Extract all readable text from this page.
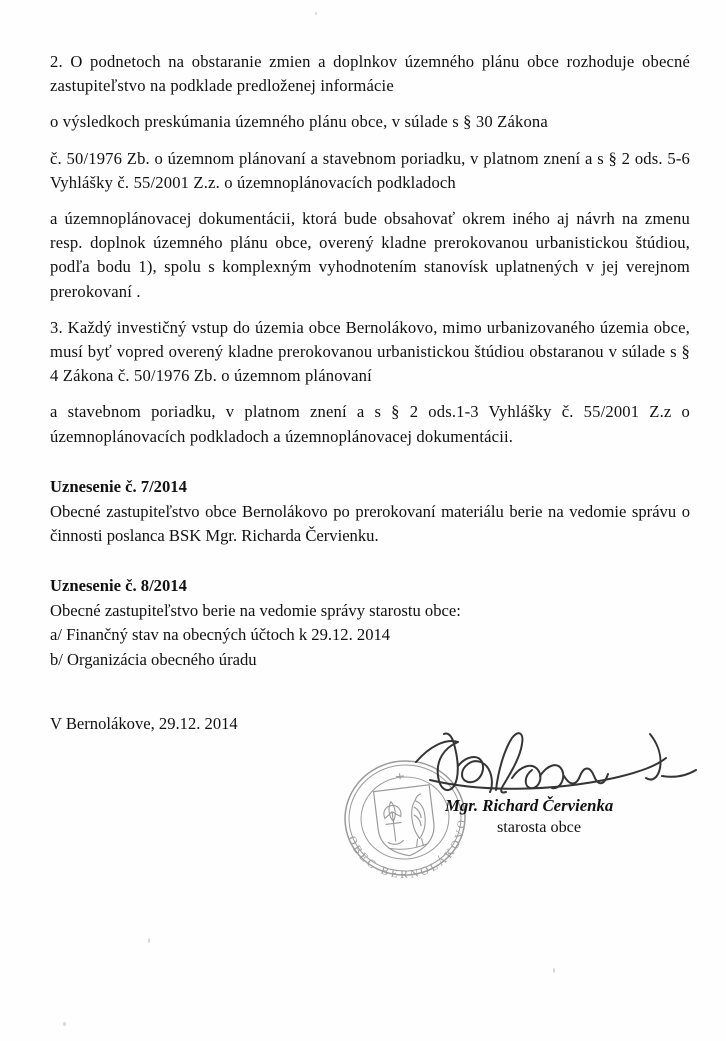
2. O podnetoch na obstaranie zmien a doplnkov územného plánu obce rozhoduje obecné zastupiteľstvo na podklade predloženej informácie

o výsledkoch preskúmania územného plánu obce, v súlade s § 30 Zákona

č. 50/1976 Zb. o územnom plánovaní a stavebnom poriadku, v platnom znení a s § 2 ods. 5-6 Vyhlášky č. 55/2001 Z.z. o územnoplánovacích podkladoch

a územnoplánovacej dokumentácii, ktorá bude obsahovať okrem iného aj návrh na zmenu resp. doplnok územného plánu obce, overený kladne prerokovanou urbanistickou štúdiou, podľa bodu 1), spolu s komplexným vyhodnotením stanovísk uplatnených v jej verejnom prerokovaní .

3. Každý investičný vstup do územia obce Bernolákovo, mimo urbanizovaného územia obce, musí byť vopred overený kladne prerokovanou urbanistickou štúdiou obstaranou v súlade s § 4 Zákona č. 50/1976 Zb. o územnom plánovaní

a stavebnom poriadku, v platnom znení a s § 2 ods.1-3 Vyhlášky č. 55/2001 Z.z o územnoplánovacích podkladoch a územnoplánovacej dokumentácii.

Uznesenie č. 7/2014

Obecné zastupiteľstvo obce Bernolákovo po prerokovaní materiálu berie na vedomie správu o činnosti poslanca BSK Mgr. Richarda Červienku.

Uznesenie č. 8/2014

Obecné zastupiteľstvo berie na vedomie správy starostu obce:
a/ Finančný stav na obecných účtoch k 29.12. 2014
b/ Organizácia obecného úradu

V Bernolákove, 29.12. 2014

OBEC BERNOLÁKOVO
Mgr. Richard Červienka
starosta obce
